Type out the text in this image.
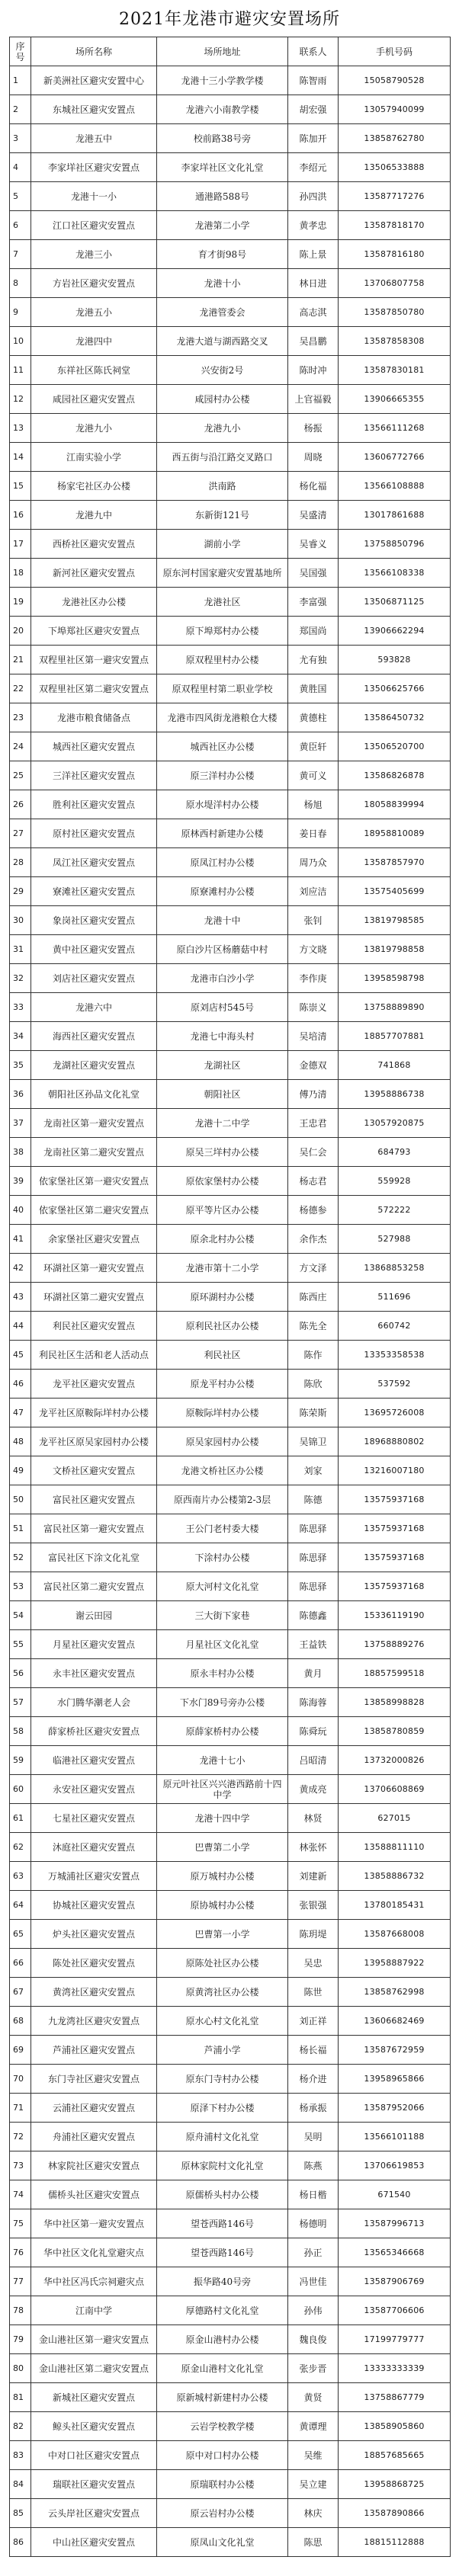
2021年龙港市避灾安置场所
序号	场所名称	场所地址	联系人	手机号码
1	新美洲社区避灾安置中心	龙港十三小学教学楼	陈智雨	15058790528
2	东城社区避灾安置点	龙港六小南教学楼	胡宏强	13057940099
3	龙港五中	校前路38号旁	陈加开	13858762780
4	李家垟社区避灾安置点	李家垟社区文化礼堂	李绍元	13506533888
5	龙港十一小	通港路588号	孙四洪	13587717276
6	江口社区避灾安置点	龙港第二小学	黄孝忠	13587818170
7	龙港三小	育才街98号	陈上景	13587816180
8	方岩社区避灾安置点	龙港十小	林日进	13706807758
9	龙港五小	龙港管委会	高志淇	13587850780
10	龙港四中	龙港大道与湖西路交叉	吴昌鹏	13587858308
11	东祥社区陈氏祠堂	兴安街2号	陈时冲	13587830181
12	咸园社区避灾安置点	咸园村办公楼	上官福毅	13906665355
13	龙港九小	龙港九小	杨振	13566111268
14	江南实验小学	西五街与沿江路交叉路口	周晓	13606772766
15	杨家宅社区办公楼	洪南路	杨化福	13566108888
16	龙港九中	东新街121号	吴盛清	13017861688
17	西桥社区避灾安置点	湖前小学	吴睿义	13758850796
18	新河社区避灾安置点	原东河村国家避灾安置基地所	吴国强	13566108338
19	龙港社区办公楼	龙港社区	李富强	13506871125
20	下埠郑社区避灾安置点	原下埠郑村办公楼	郑国尚	13906662294
21	双程里社区第一避灾安置点	原双程里村办公楼	尤有独	593828
22	双程里社区第二避灾安置点	原双程里村第二职业学校	黄胜国	13506625766
23	龙港市粮食储备点	龙港市四风街龙港粮仓大楼	黄德柱	13586450732
24	城西社区避灾安置点	城西社区办公楼	黄臣轩	13506520700
25	三洋社区避灾安置点	原三洋村办公楼	黄可义	13586826878
26	胜利社区避灾安置点	原水堤洋村办公楼	杨旭	18058839994
27	原村社区避灾安置点	原林西村新建办公楼	姜日春	18958810089
28	凤江社区避灾安置点	原凤江村办公楼	周乃众	13587857970
29	寮滩社区避灾安置点	原寮滩村办公楼	刘应洁	13575405699
30	象岗社区避灾安置点	龙港十中	张钊	13819798585
31	黄中社区避灾安置点	原白沙片区杨蘑菇中村	方文晓	13819798858
32	刘店社区避灾安置点	龙港市白沙小学	李作庚	13958598798
33	龙港六中	原刘店村545号	陈崇义	13758889890
34	海西社区避灾安置点	龙港七中海头村	吴培清	18857707881
35	龙湖社区避灾安置点	龙湖社区	金德双	741868
36	朝阳社区孙品文化礼堂	朝阳社区	傅乃清	13958886738
37	龙南社区第一避灾安置点	龙港十二中学	王忠君	13057920875
38	龙南社区第二避灾安置点	原吴三垟村办公楼	吴仁会	684793
39	依家堡社区第一避灾安置点	原依家堡村办公楼	杨志君	559928
40	依家堡社区第二避灾安置点	原平等片区办公楼	杨德参	572222
41	余家堡社区避灾安置点	原余北村办公楼	余作杰	527988
42	环湖社区第一避灾安置点	龙港市第十二小学	方文泽	13868853258
43	环湖社区第二避灾安置点	原环湖村办公楼	陈西庄	511696
44	利民社区避灾安置点	原利民社区办公楼	陈先全	660742
45	利民社区生活和老人活动点	利民社区	陈作	13353358538
46	龙平社区避灾安置点	原龙平村办公楼	陈欣	537592
47	龙平社区原鞍际垟村办公楼	原鞍际垟村办公楼	陈荣斯	13695726008
48	龙平社区原吴家园村办公楼	原吴家园村办公楼	吴锦卫	18968880802
49	文桥社区避灾安置点	龙港文桥社区办公楼	刘家	13216007180
50	富民社区避灾安置点	原西南片办公楼第2-3层	陈德	13575937168
51	富民社区第一避灾安置点	王公门老村委大楼	陈思驿	13575937168
52	富民社区下涂文化礼堂	下涂村办公楼	陈思驿	13575937168
53	富民社区第二避灾安置点	原大河村文化礼堂	陈思驿	13575937168
54	谢云田园	三大街下家巷	陈德鑫	15336119190
55	月星社区避灾安置点	月星社区文化礼堂	王益铁	13758889276
56	永丰社区避灾安置点	原永丰村办公楼	黄月	18857599518
57	水门腾华潮老人会	下水门89号旁办公楼	陈海蓉	13858998828
58	薛家桥社区避灾安置点	原薛家桥村办公楼	陈舜玩	13858780859
59	临港社区避灾安置点	龙港十七小	吕昭清	13732000826
60	永安社区避灾安置点	原元叶社区兴兴港西路前十四中学	黄成亮	13706608869
61	七星社区避灾安置点	龙港十四中学	林贤	627015
62	沐庭社区避灾安置点	巴曹第二小学	林张怀	13588811110
63	万城浦社区避灾安置点	原万城村办公楼	刘建新	13858886732
64	协城社区避灾安置点	原协城村办公楼	张银强	13780185431
65	炉头社区避灾安置点	巴曹第一小学	陈玥堤	13587668008
66	陈处社区避灾安置点	原陈处社区办公楼	吴忠	13958887922
67	黄湾社区避灾安置点	原黄湾社区办公楼	陈世	13858762998
68	九龙湾社区避灾安置点	原水心村文化礼堂	刘正祥	13606682469
69	芦浦社区避灾安置点	芦浦小学	杨长福	13587672959
70	东门寺社区避灾安置点	原东门寺村办公楼	杨介进	13958965866
71	云浦社区避灾安置点	原泽下村办公楼	杨承振	13587952066
72	舟浦社区避灾安置点	原舟浦村文化礼堂	吴明	13566101188
73	林家院社区避灾安置点	原林家院村文化礼堂	陈燕	13706619853
74	儒桥头社区避灾安置点	原儒桥头村办公楼	杨日楷	671540
75	华中社区第一避灾安置点	望苍西路146号	杨德明	13587996713
76	华中社区文化礼堂避灾点	望苍西路146号	孙正	13565346668
77	华中社区冯氏宗祠避灾点	振华路40号旁	冯世佳	13587906769
78	江南中学	厚德路村文化礼堂	孙伟	13587706606
79	金山港社区第一避灾安置点	原金山港村办公楼	魏良俊	17199779777
80	金山港社区第二避灾安置点	原金山港村文化礼堂	张步晋	13333333339
81	新城社区避灾安置点	原新城村新建村办公楼	黄贤	13758867779
82	鲸头社区避灾安置点	云岩学校教学楼	黄谭理	13858905860
83	中对口社区避灾安置点	原中对口村办公楼	吴维	18857685665
84	瑞联社区避灾安置点	原瑞联村办公楼	吴立建	13958868725
85	云头岸社区避灾安置点	原云岩村办公楼	林庆	13587890866
86	中山社区避灾安置点	原凤山文化礼堂	陈思	18815112888
